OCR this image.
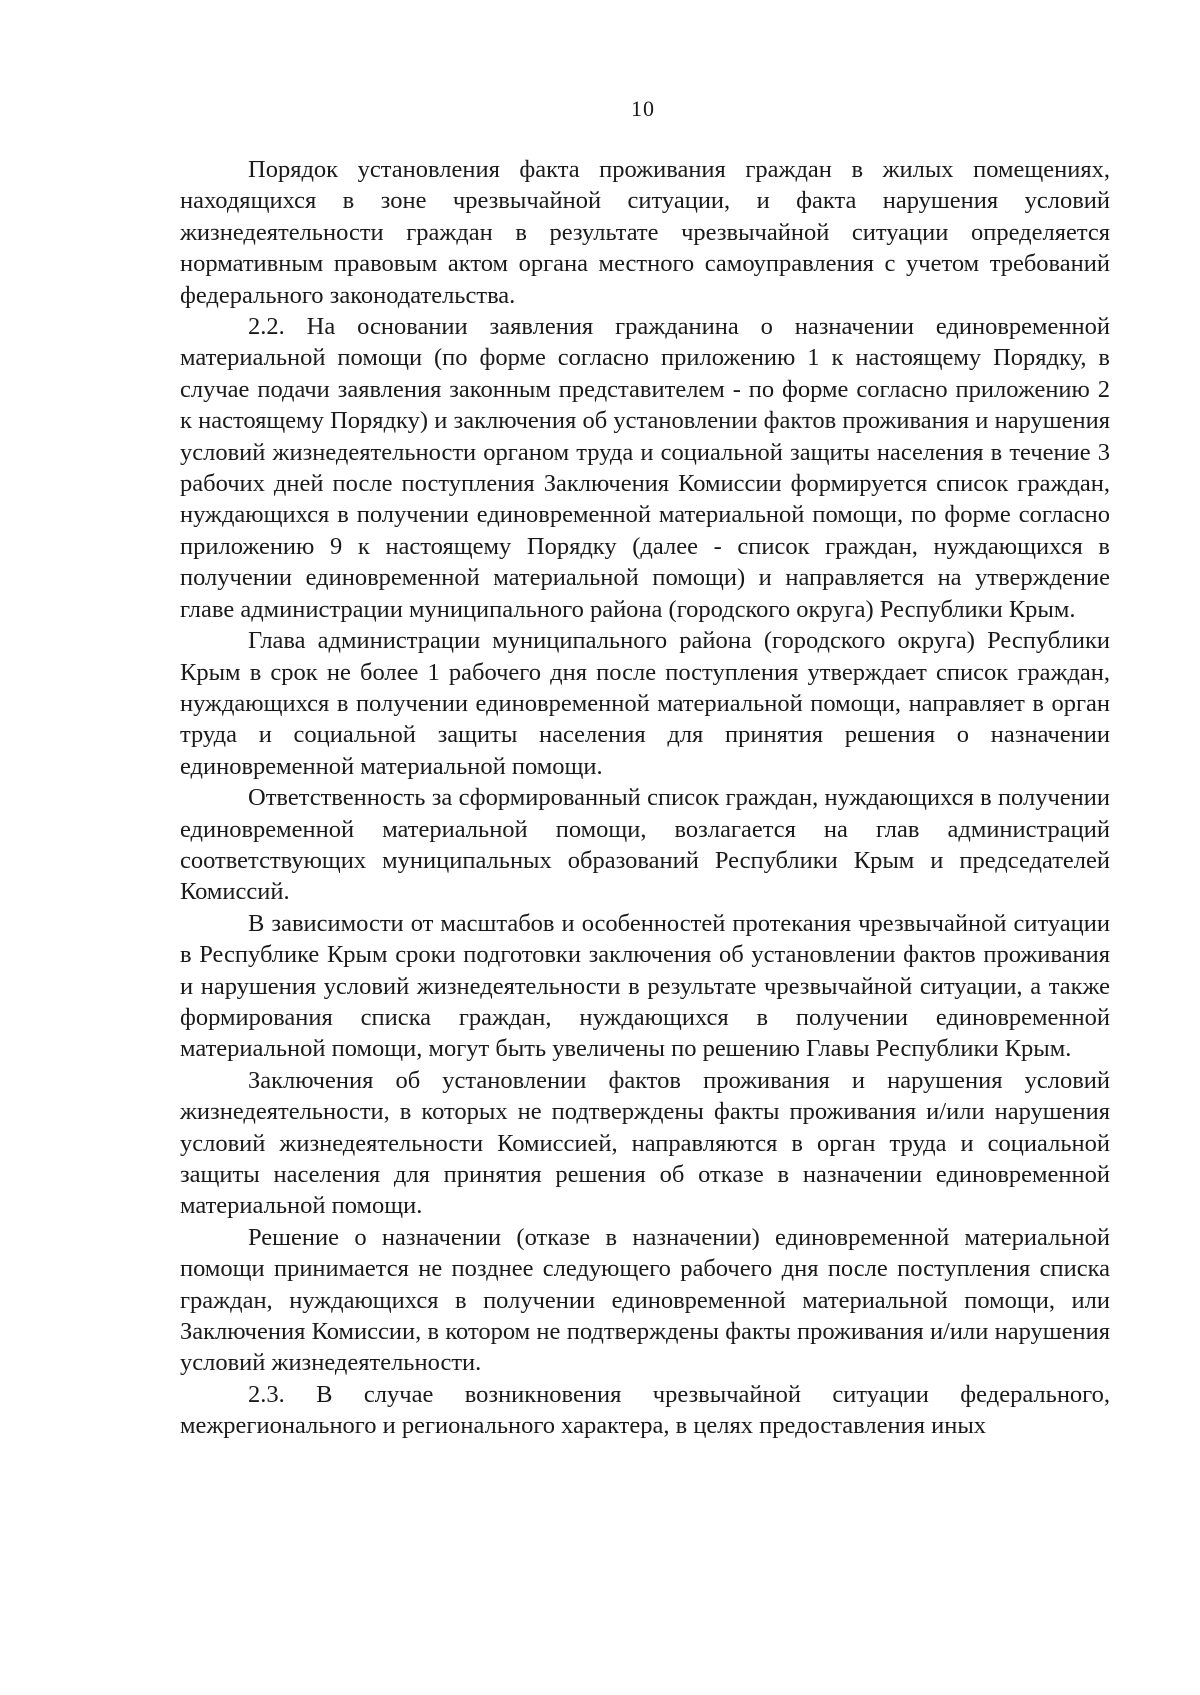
10

Порядок установления факта проживания граждан в жилых помещениях, находящихся в зоне чрезвычайной ситуации, и факта нарушения условий жизнедеятельности граждан в результате чрезвычайной ситуации определяется нормативным правовым актом органа местного самоуправления с учетом требований федерального законодательства.

2.2. На основании заявления гражданина о назначении единовременной материальной помощи (по форме согласно приложению 1 к настоящему Порядку, в случае подачи заявления законным представителем - по форме согласно приложению 2 к настоящему Порядку) и заключения об установлении фактов проживания и нарушения условий жизнедеятельности органом труда и социальной защиты населения в течение 3 рабочих дней после поступления Заключения Комиссии формируется список граждан, нуждающихся в получении единовременной материальной помощи, по форме согласно приложению 9 к настоящему Порядку (далее - список граждан, нуждающихся в получении единовременной материальной помощи) и направляется на утверждение главе администрации муниципального района (городского округа) Республики Крым.

Глава администрации муниципального района (городского округа) Республики Крым в срок не более 1 рабочего дня после поступления утверждает список граждан, нуждающихся в получении единовременной материальной помощи, направляет в орган труда и социальной защиты населения для принятия решения о назначении единовременной материальной помощи.

Ответственность за сформированный список граждан, нуждающихся в получении единовременной материальной помощи, возлагается на глав администраций соответствующих муниципальных образований Республики Крым и председателей Комиссий.

В зависимости от масштабов и особенностей протекания чрезвычайной ситуации в Республике Крым сроки подготовки заключения об установлении фактов проживания и нарушения условий жизнедеятельности в результате чрезвычайной ситуации, а также формирования списка граждан, нуждающихся в получении единовременной материальной помощи, могут быть увеличены по решению Главы Республики Крым.

Заключения об установлении фактов проживания и нарушения условий жизнедеятельности, в которых не подтверждены факты проживания и/или нарушения условий жизнедеятельности Комиссией, направляются в орган труда и социальной защиты населения для принятия решения об отказе в назначении единовременной материальной помощи.

Решение о назначении (отказе в назначении) единовременной материальной помощи принимается не позднее следующего рабочего дня после поступления списка граждан, нуждающихся в получении единовременной материальной помощи, или Заключения Комиссии, в котором не подтверждены факты проживания и/или нарушения условий жизнедеятельности.

2.3. В случае возникновения чрезвычайной ситуации федерального, межрегионального и регионального характера, в целях предоставления иных
